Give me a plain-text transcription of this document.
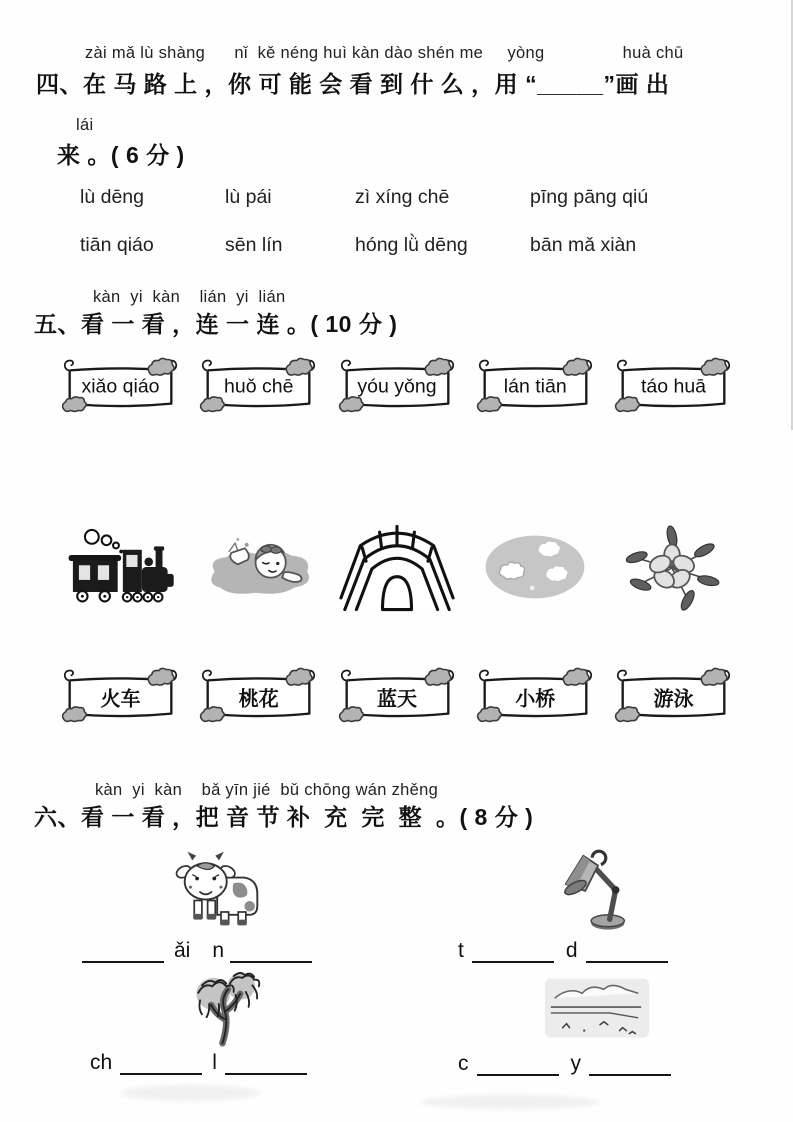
zài mǎ lù shàng      nǐ  kě néng huì kàn dào shén me     yòng                huà chū
四、在 马 路 上 ，你 可 能 会 看 到 什 么 ，用 “_____”画 出
lái
来 。( 6 分 )
lù dēng	lù pái	zì xíng chē	pīng pāng qiú
tiān qiáo	sēn lín	hóng lǜ dēng	bān mǎ xiàn
kàn  yi  kàn    lián  yi  lián
五、看 一 看 ，连 一 连 。( 10 分 )
xiǎo qiáo	huǒ chē	yóu yǒng	lán tiān	táo huā
火车	桃花	蓝天	小桥	游泳
kàn  yi  kàn    bǎ yīn jié  bǔ chōng wán zhěng
六、看 一 看 ，把 音 节 补  充  完  整  。( 8 分 )
ǎi n	t	d
ch	l	c	y
